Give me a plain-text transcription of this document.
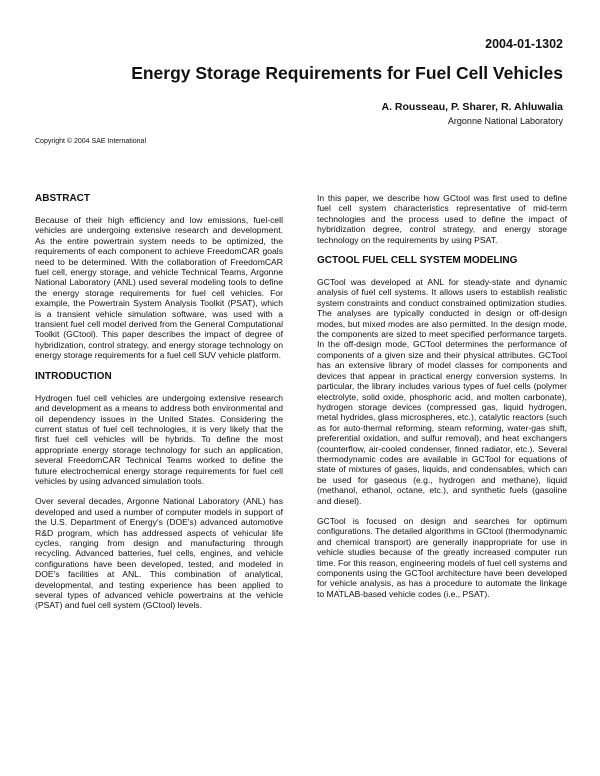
2004-01-1302
Energy Storage Requirements for Fuel Cell Vehicles
A. Rousseau, P. Sharer, R. Ahluwalia
Argonne National Laboratory
Copyright © 2004 SAE International
ABSTRACT

Because of their high efficiency and low emissions, fuel-cell vehicles are undergoing extensive research and development. As the entire powertrain system needs to be optimized, the requirements of each component to achieve FreedomCAR goals need to be determined. With the collaboration of FreedomCAR fuel cell, energy storage, and vehicle Technical Teams, Argonne National Laboratory (ANL) used several modeling tools to define the energy storage requirements for fuel cell vehicles. For example, the Powertrain System Analysis Toolkit (PSAT), which is a transient vehicle simulation software, was used with a transient fuel cell model derived from the General Computational Toolkit (GCtool). This paper describes the impact of degree of hybridization, control strategy, and energy storage technology on energy storage requirements for a fuel cell SUV vehicle platform.

INTRODUCTION

Hydrogen fuel cell vehicles are undergoing extensive research and development as a means to address both environmental and oil dependency issues in the United States. Considering the current status of fuel cell technologies, it is very likely that the first fuel cell vehicles will be hybrids. To define the most appropriate energy storage technology for such an application, several FreedomCAR Technical Teams worked to define the future electrochemical energy storage requirements for fuel cell vehicles by using advanced simulation tools.

Over several decades, Argonne National Laboratory (ANL) has developed and used a number of computer models in support of the U.S. Department of Energy's (DOE's) advanced automotive R&D program, which has addressed aspects of vehicular life cycles, ranging from design and manufacturing through recycling. Advanced batteries, fuel cells, engines, and vehicle configurations have been developed, tested, and modeled in DOE's facilities at ANL. This combination of analytical, developmental, and testing experience has been applied to several types of advanced vehicle powertrains at the vehicle (PSAT) and fuel cell system (GCtool) levels.

In this paper, we describe how GCtool was first used to define fuel cell system characteristics representative of mid-term technologies and the process used to define the impact of hybridization degree, control strategy, and energy storage technology on the requirements by using PSAT.

GCTOOL FUEL CELL SYSTEM MODELING

GCTool was developed at ANL for steady-state and dynamic analysis of fuel cell systems. It allows users to establish realistic system constraints and conduct constrained optimization studies. The analyses are typically conducted in design or off-design modes, but mixed modes are also permitted. In the design mode, the components are sized to meet specified performance targets. In the off-design mode, GCTool determines the performance of components of a given size and their physical attributes. GCTool has an extensive library of model classes for components and devices that appear in practical energy conversion systems. In particular, the library includes various types of fuel cells (polymer electrolyte, solid oxide, phosphoric acid, and molten carbonate), hydrogen storage devices (compressed gas, liquid hydrogen, metal hydrides, glass microspheres, etc.), catalytic reactors (such as for auto-thermal reforming, steam reforming, water-gas shift, preferential oxidation, and sulfur removal), and heat exchangers (counterflow, air-cooled condenser, finned radiator, etc.). Several thermodynamic codes are available in GCTool for equations of state of mixtures of gases, liquids, and condensables, which can be used for gaseous (e.g., hydrogen and methane), liquid (methanol, ethanol, octane, etc.), and synthetic fuels (gasoline and diesel).

GCTool is focused on design and searches for optimum configurations. The detailed algorithms in GCtool (thermodynamic and chemical transport) are generally inappropriate for use in vehicle studies because of the greatly increased computer run time. For this reason, engineering models of fuel cell systems and components using the GCTool architecture have been developed for vehicle analysis, as has a procedure to automate the linkage to MATLAB-based vehicle codes (i.e., PSAT).
